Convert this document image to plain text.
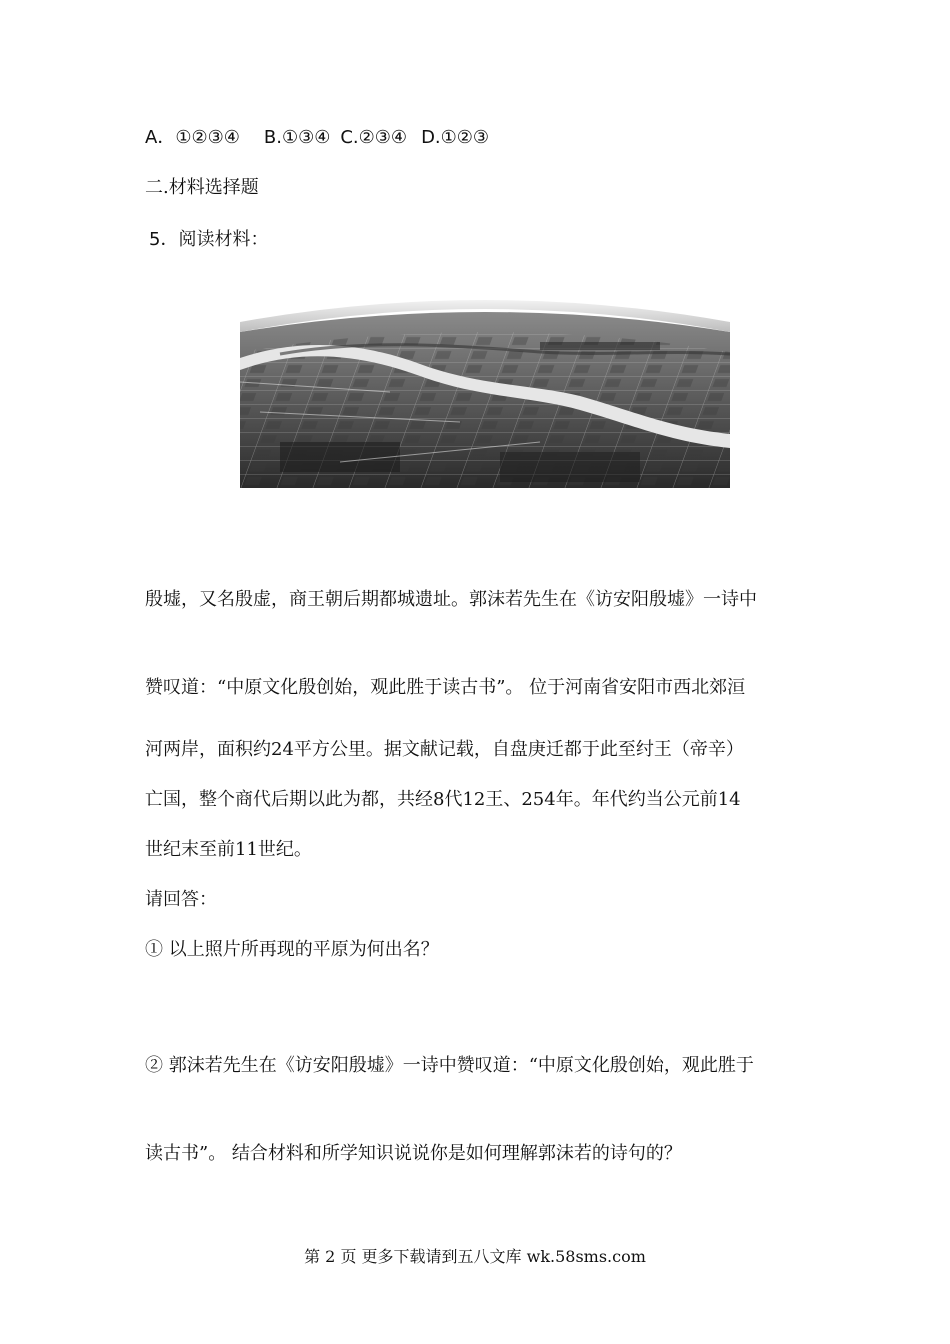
A．①②③④ B.①③④ C.②③④ D.①②③
二.材料选择题
5．阅读材料：
殷墟，又名殷虚，商王朝后期都城遗址。郭沫若先生在《访安阳殷墟》一诗中
赞叹道：“中原文化殷创始，观此胜于读古书”。 位于河南省安阳市西北郊洹
河两岸，面积约24平方公里。据文献记载，自盘庚迁都于此至纣王（帝辛）
亡国，整个商代后期以此为都，共经8代12王、254年。年代约当公元前14
世纪末至前11世纪。
请回答：
① 以上照片所再现的平原为何出名？
② 郭沫若先生在《访安阳殷墟》一诗中赞叹道：“中原文化殷创始，观此胜于
读古书”。 结合材料和所学知识说说你是如何理解郭沫若的诗句的？
第 2 页 更多下载请到五八文库 wk.58sms.com
